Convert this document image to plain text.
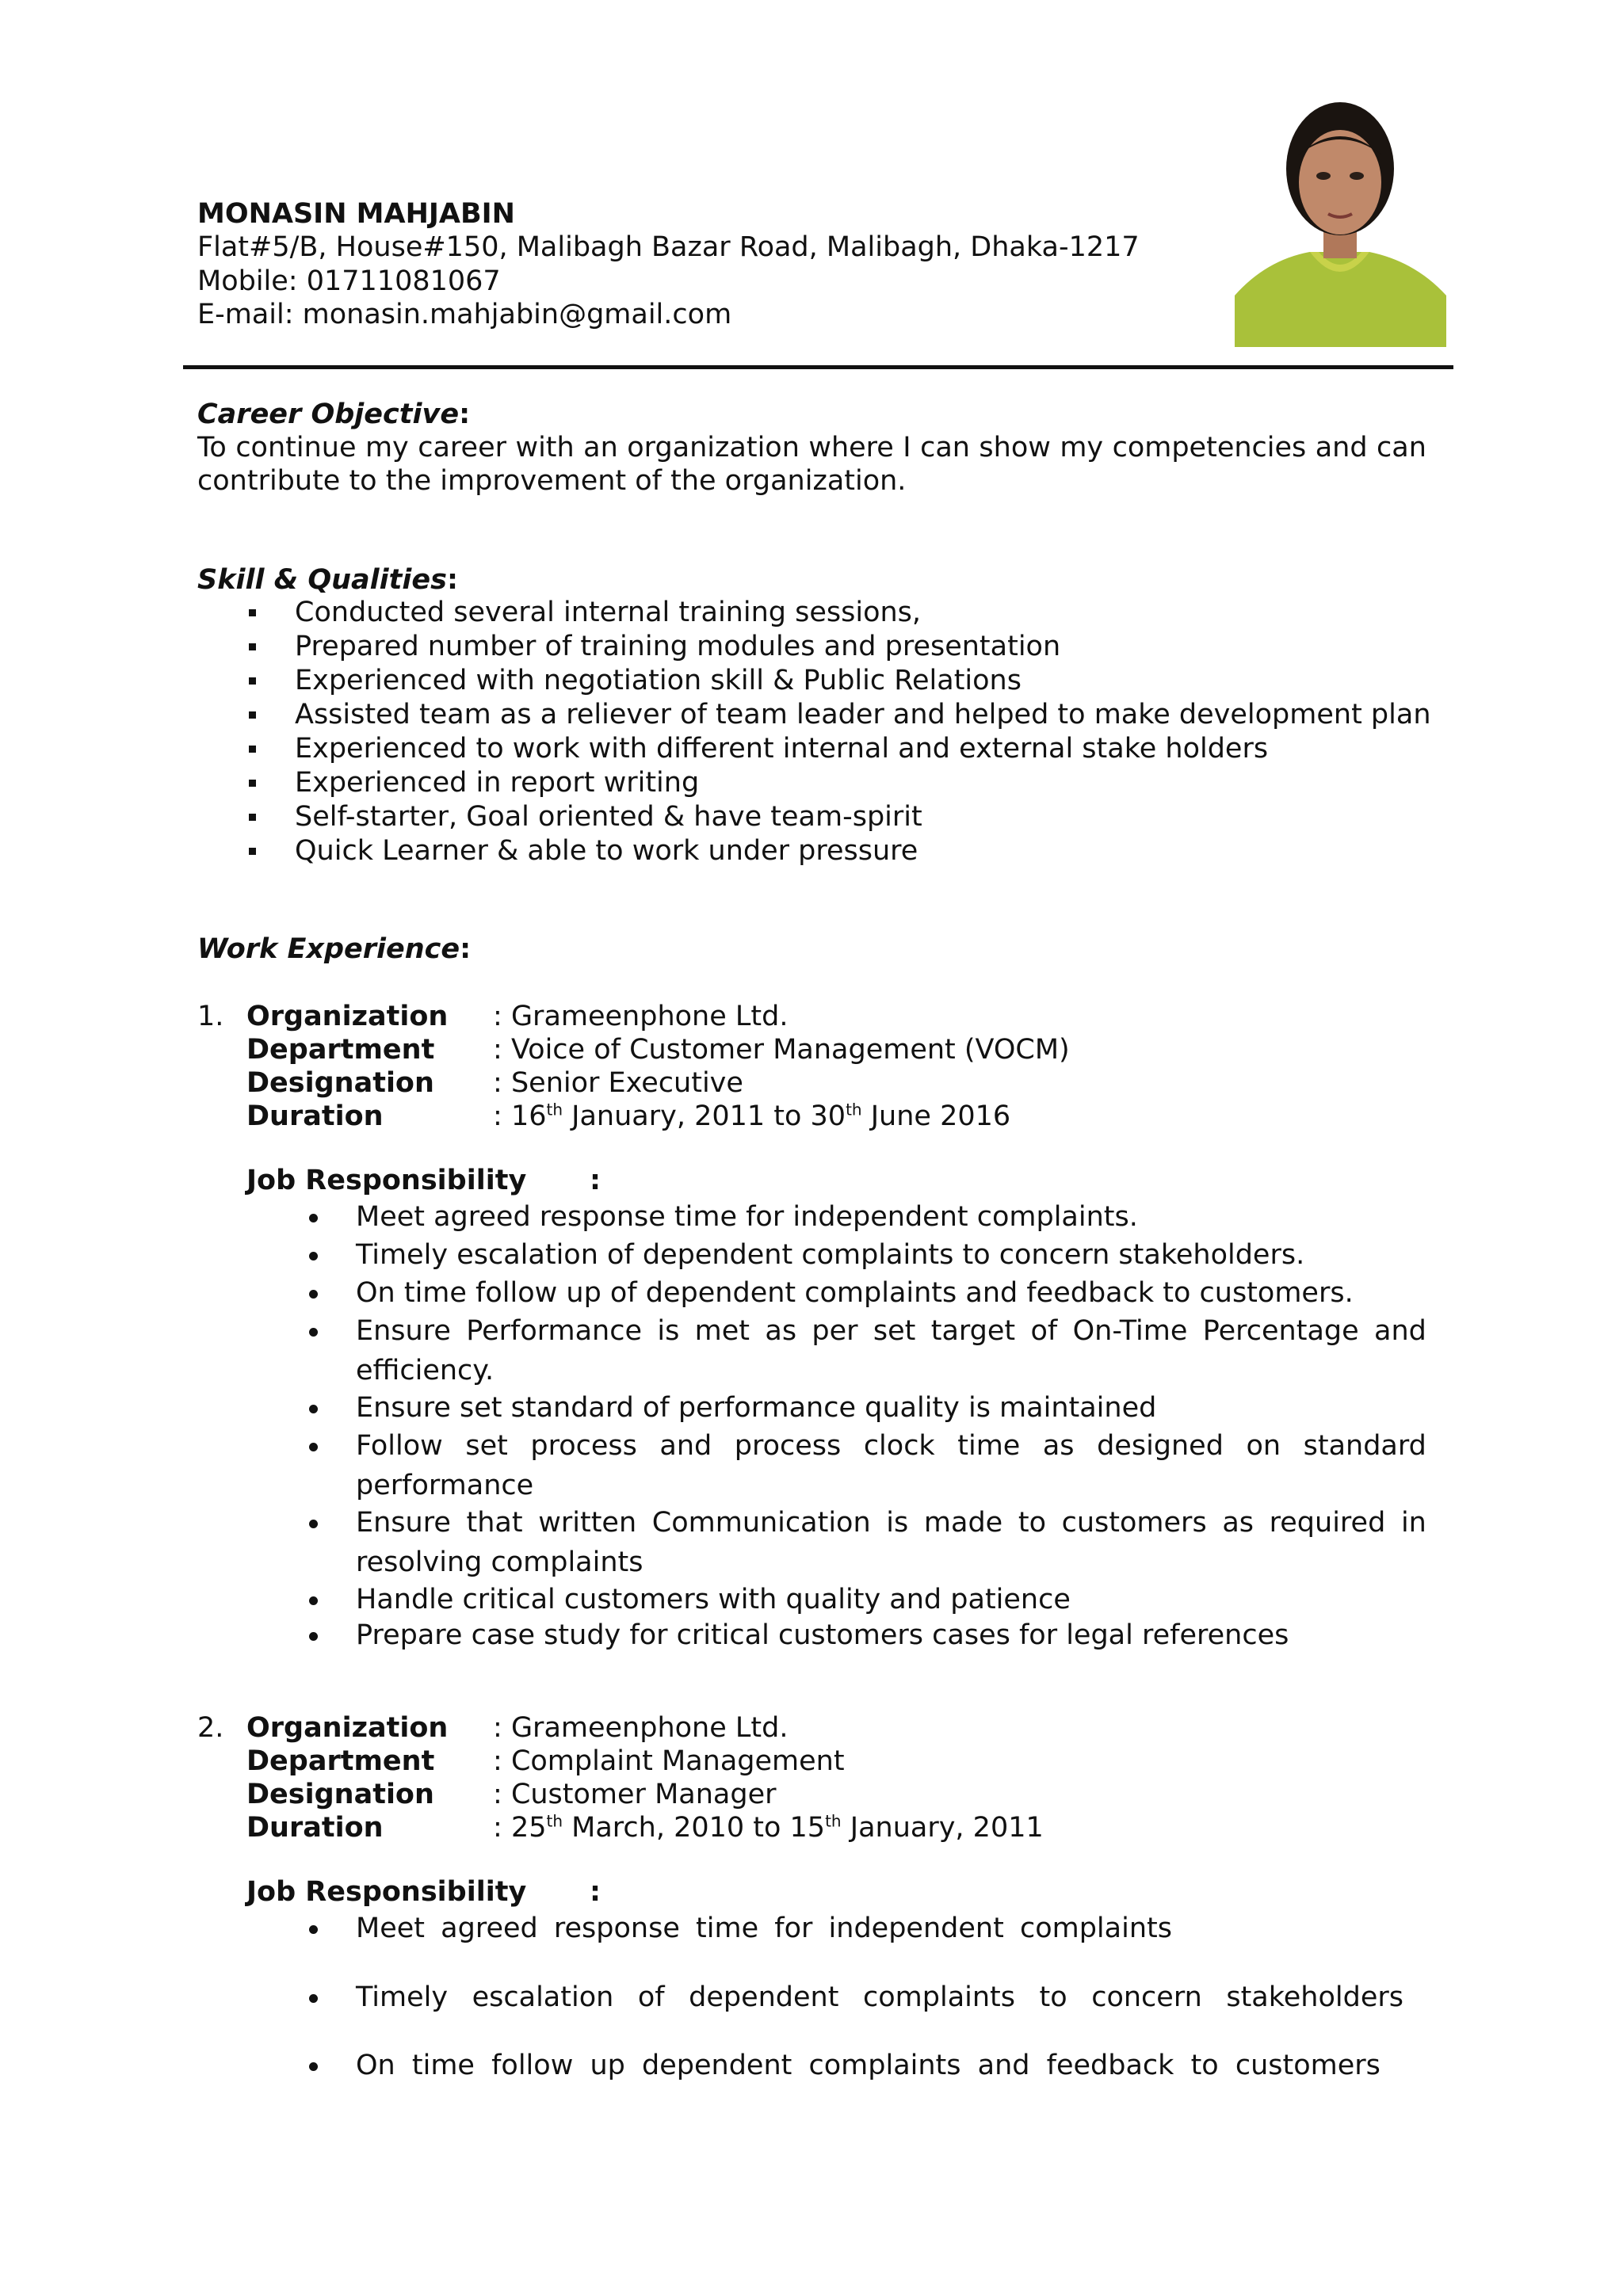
MONASIN MAHJABIN
Flat#5/B, House#150, Malibagh Bazar Road, Malibagh, Dhaka-1217
Mobile: 01711081067
E-mail: monasin.mahjabin@gmail.com
Career Objective:
To continue my career with an organization where I can show my competencies and can
contribute to the improvement of the organization.
Skill & Qualities:
Conducted several internal training sessions,
Prepared number of training modules and presentation
Experienced with negotiation skill & Public Relations
Assisted team as a reliever of team leader and helped to make development plan
Experienced to work with different internal and external stake holders
Experienced in report writing
Self-starter, Goal oriented & have team-spirit
Quick Learner & able to work under pressure
Work Experience:
1. Organization : Grameenphone Ltd.
Department : Voice of Customer Management (VOCM)
Designation : Senior Executive
Duration	: 16th January, 2011 to 30th June 2016
Job Responsibility :
Meet agreed response time for independent complaints.
Timely escalation of dependent complaints to concern stakeholders.
On time follow up of dependent complaints and feedback to customers.
Ensure Performance is met as per set target of On-Time Percentage and
efficiency.
Ensure set standard of performance quality is maintained
Follow set process and process clock time as designed on standard
performance
Ensure that written Communication is made to customers as required in
resolving complaints
Handle critical customers with quality and patience
Prepare case study for critical customers cases for legal references
2. Organization : Grameenphone Ltd.
Department : Complaint Management
Designation : Customer Manager
Duration	: 25th March, 2010 to 15th January, 2011
Job Responsibility :
Meet agreed response time for independent complaints
Timely escalation of dependent complaints to concern stakeholders
On time follow up dependent complaints and feedback to customers
